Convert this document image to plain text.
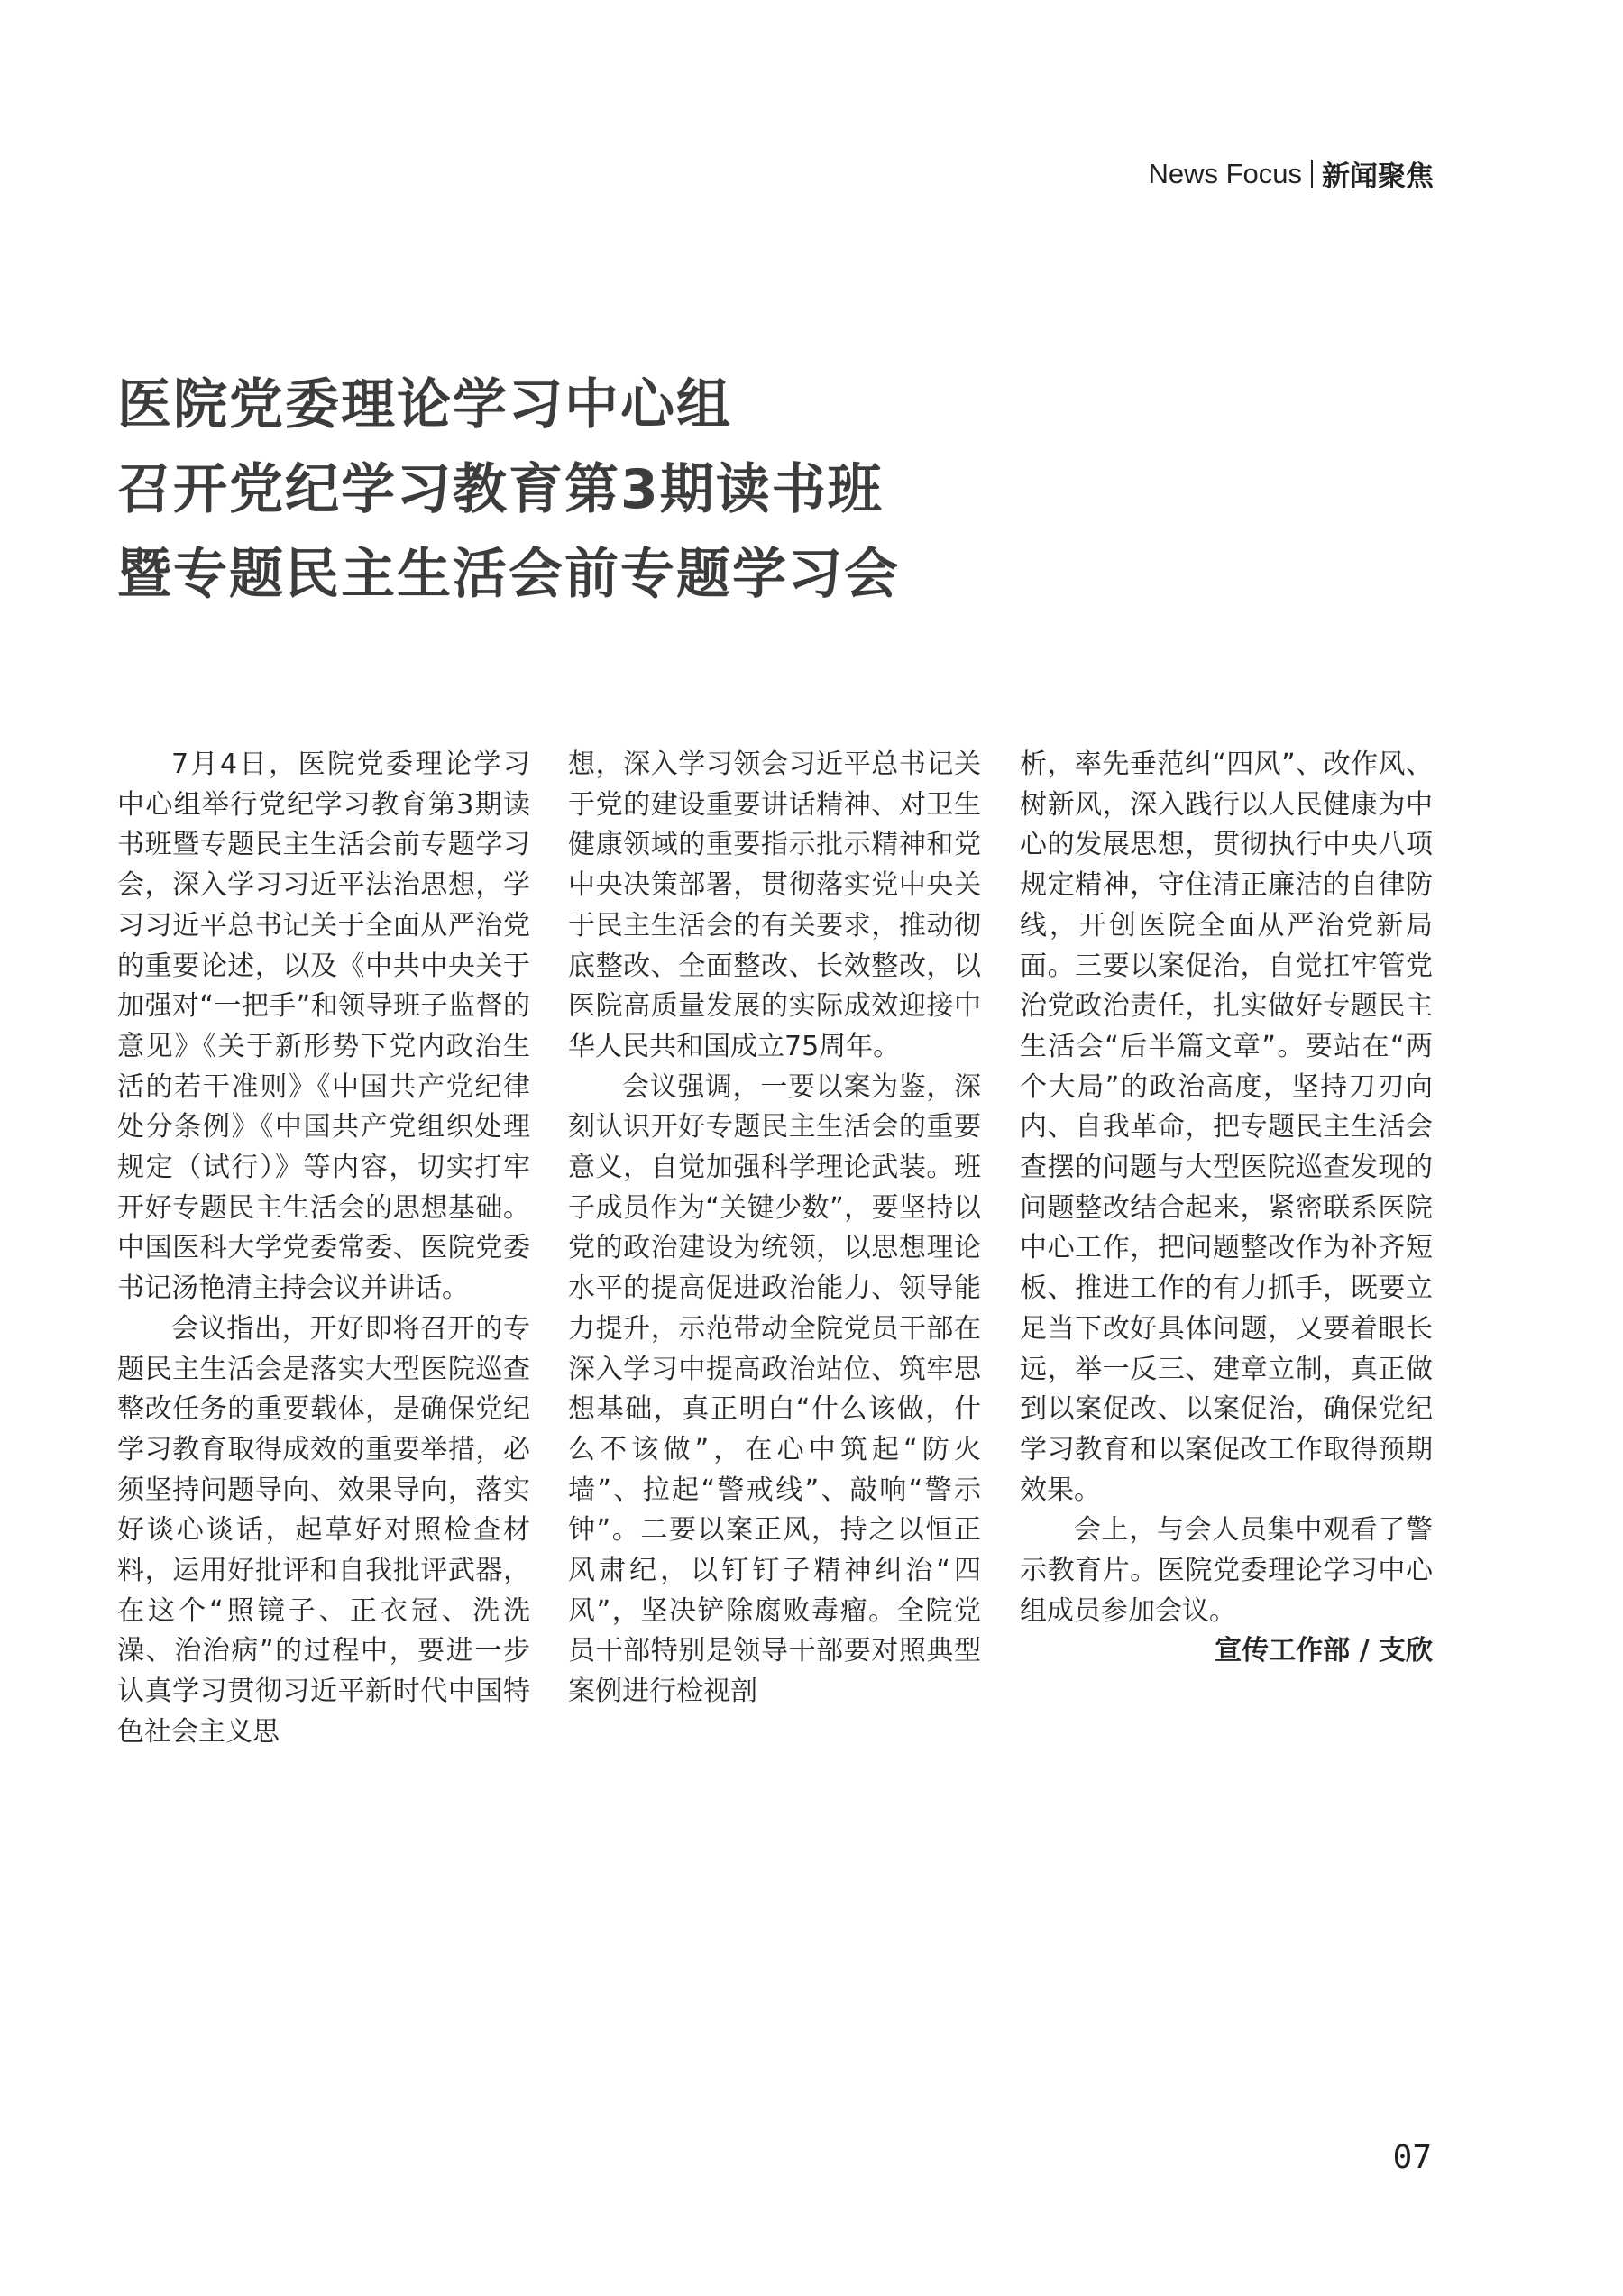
News Focus 新闻聚焦
医院党委理论学习中心组
召开党纪学习教育第3期读书班
暨专题民主生活会前专题学习会

7月4日，医院党委理论学习中心组举行党纪学习教育第3期读书班暨专题民主生活会前专题学习会，深入学习习近平法治思想，学习习近平总书记关于全面从严治党的重要论述，以及《中共中央关于加强对“一把手”和领导班子监督的意见》《关于新形势下党内政治生活的若干准则》《中国共产党纪律处分条例》《中国共产党组织处理规定（试行）》等内容，切实打牢开好专题民主生活会的思想基础。中国医科大学党委常委、医院党委书记汤艳清主持会议并讲话。

会议指出，开好即将召开的专题民主生活会是落实大型医院巡查整改任务的重要载体，是确保党纪学习教育取得成效的重要举措，必须坚持问题导向、效果导向，落实好谈心谈话，起草好对照检查材料，运用好批评和自我批评武器，在这个“照镜子、正衣冠、洗洗澡、治治病”的过程中，要进一步认真学习贯彻习近平新时代中国特色社会主义思

想，深入学习领会习近平总书记关于党的建设重要讲话精神、对卫生健康领域的重要指示批示精神和党中央决策部署，贯彻落实党中央关于民主生活会的有关要求，推动彻底整改、全面整改、长效整改，以医院高质量发展的实际成效迎接中华人民共和国成立75周年。

会议强调，一要以案为鉴，深刻认识开好专题民主生活会的重要意义，自觉加强科学理论武装。班子成员作为“关键少数”，要坚持以党的政治建设为统领，以思想理论水平的提高促进政治能力、领导能力提升，示范带动全院党员干部在深入学习中提高政治站位、筑牢思想基础，真正明白“什么该做，什么不该做”，在心中筑起“防火墙”、拉起“警戒线”、敲响“警示钟”。二要以案正风，持之以恒正风肃纪，以钉钉子精神纠治“四风”，坚决铲除腐败毒瘤。全院党员干部特别是领导干部要对照典型案例进行检视剖

析，率先垂范纠“四风”、改作风、树新风，深入践行以人民健康为中心的发展思想，贯彻执行中央八项规定精神，守住清正廉洁的自律防线，开创医院全面从严治党新局面。三要以案促治，自觉扛牢管党治党政治责任，扎实做好专题民主生活会“后半篇文章”。要站在“两个大局”的政治高度，坚持刀刃向内、自我革命，把专题民主生活会查摆的问题与大型医院巡查发现的问题整改结合起来，紧密联系医院中心工作，把问题整改作为补齐短板、推进工作的有力抓手，既要立足当下改好具体问题，又要着眼长远，举一反三、建章立制，真正做到以案促改、以案促治，确保党纪学习教育和以案促改工作取得预期效果。

会上，与会人员集中观看了警示教育片。医院党委理论学习中心组成员参加会议。

宣传工作部 / 支欣

07
